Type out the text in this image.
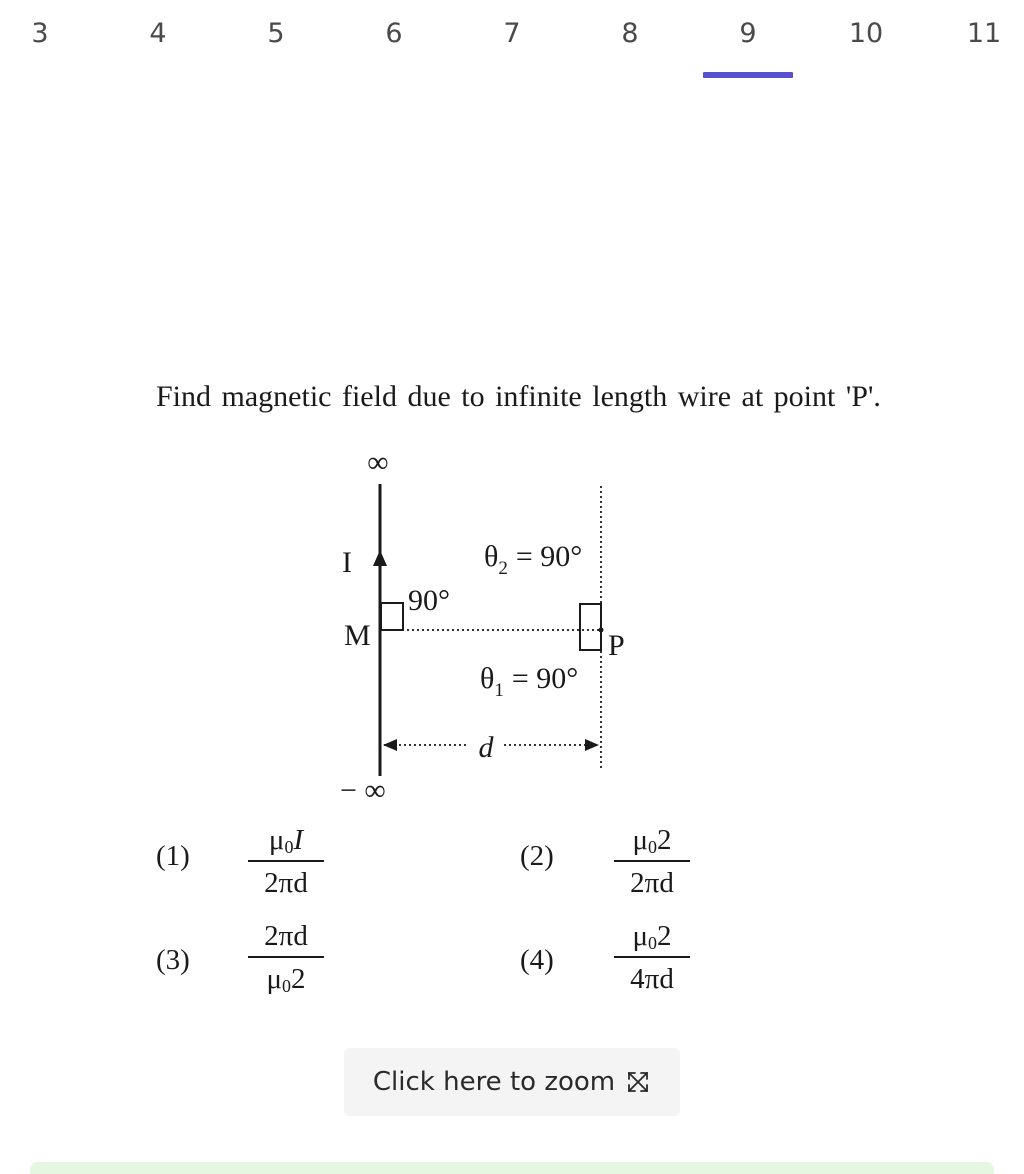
3	4	5	6	7	8	9	10	11
Find magnetic field due to infinite length wire at point 'P'.
∞
− ∞
I
M	P
90°
$\theta_2 = 90^\circ$
$\theta_1 = 90^\circ$
d
(1)	$\mu_0I$
2πd
(2)	$\mu_02$
2πd
(3)
2πd
$\mu_02$
(4)
$\mu_02$
4πd
Click here to zoom
